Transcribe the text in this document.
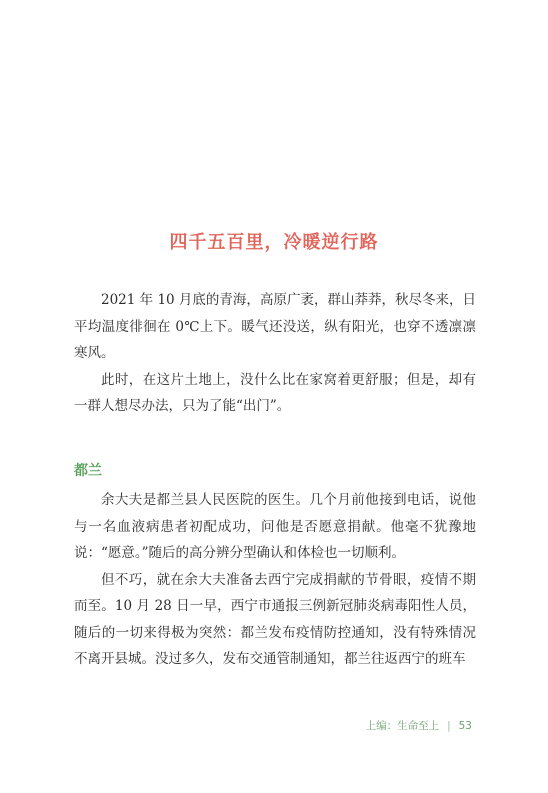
四千五百里，冷暖逆行路

2021 年 10 月底的青海，高原广袤，群山莽莽，秋尽冬来，日平均温度徘徊在 0℃上下。暖气还没送，纵有阳光，也穿不透凛凛寒风。

此时，在这片土地上，没什么比在家窝着更舒服；但是，却有一群人想尽办法，只为了能“出门”。

都兰

余大夫是都兰县人民医院的医生。几个月前他接到电话，说他与一名血液病患者初配成功，问他是否愿意捐献。他毫不犹豫地说：“愿意。”随后的高分辨分型确认和体检也一切顺利。

但不巧，就在余大夫准备去西宁完成捐献的节骨眼，疫情不期而至。10 月 28 日一早，西宁市通报三例新冠肺炎病毒阳性人员，随后的一切来得极为突然：都兰发布疫情防控通知，没有特殊情况不离开县城。没过多久，发布交通管制通知，都兰往返西宁的班车

上编：生命至上 | 53
